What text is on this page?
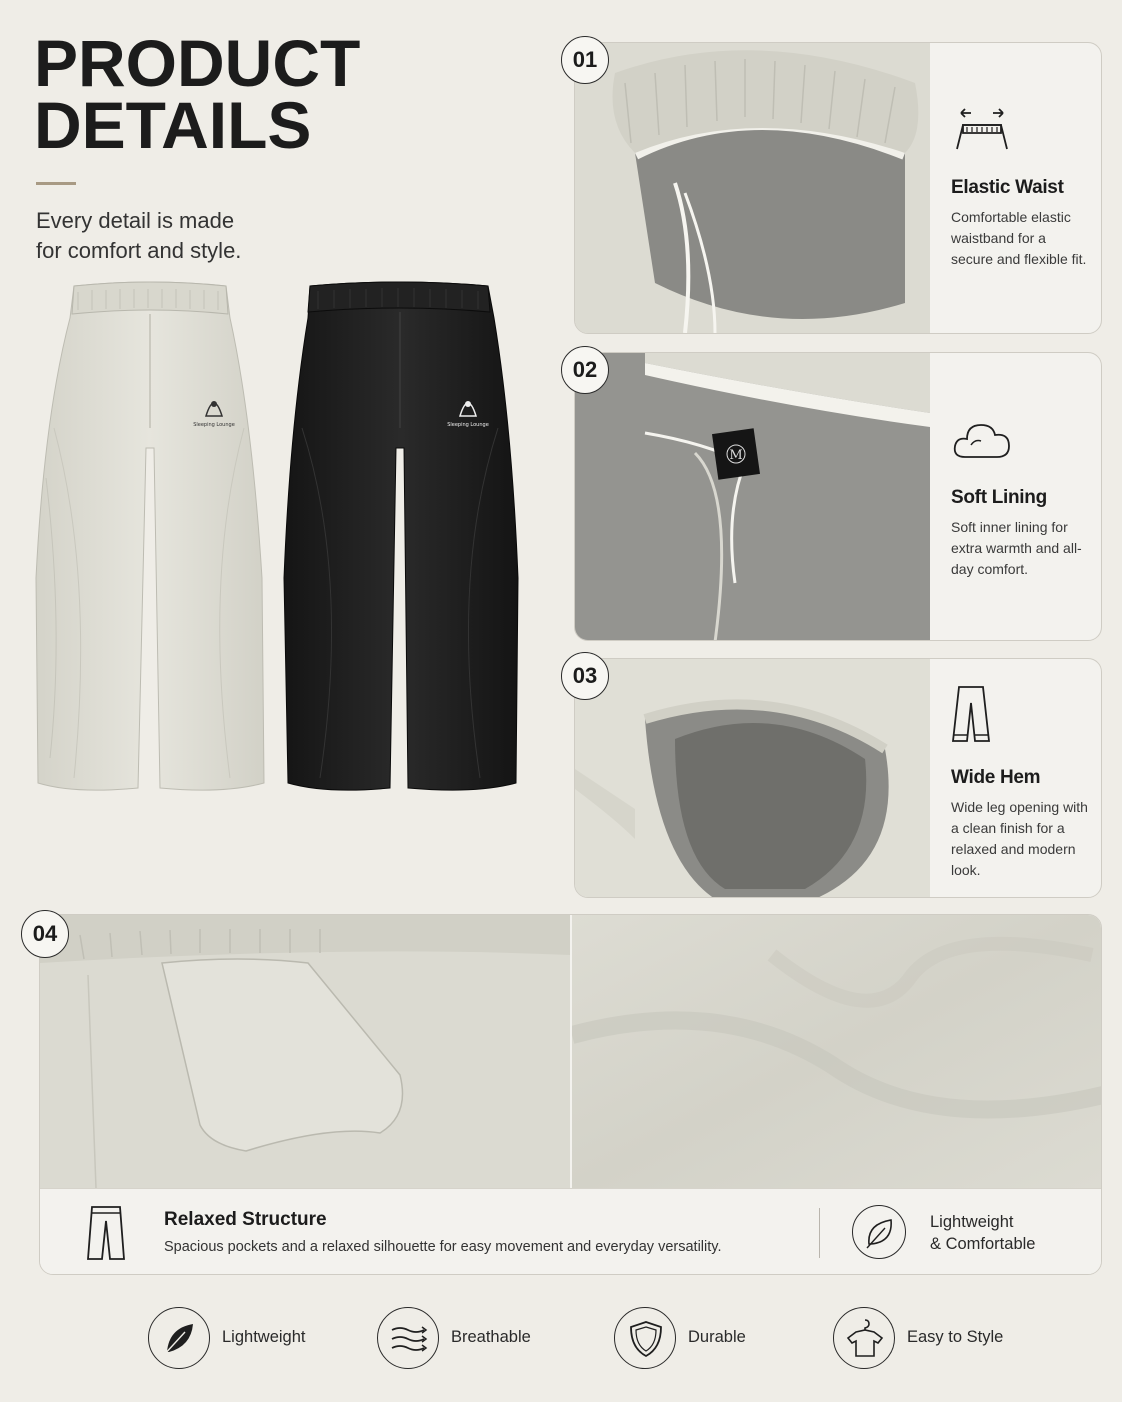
PRODUCT
DETAILS
Every detail is made
for comfort and style.
Sleeping Lounge	Sleeping Lounge
01
Elastic Waist

Comfortable elastic waistband for a secure and flexible fit.

02
M
Soft Lining

Soft inner lining for extra warmth and all-day comfort.

03
Wide Hem

Wide leg opening with a clean finish for a relaxed and modern look.

04
Relaxed Structure

Spacious pockets and a relaxed silhouette for easy movement and everyday versatility.

Lightweight
& Comfortable
Lightweight	Breathable	Durable	Easy to Style
